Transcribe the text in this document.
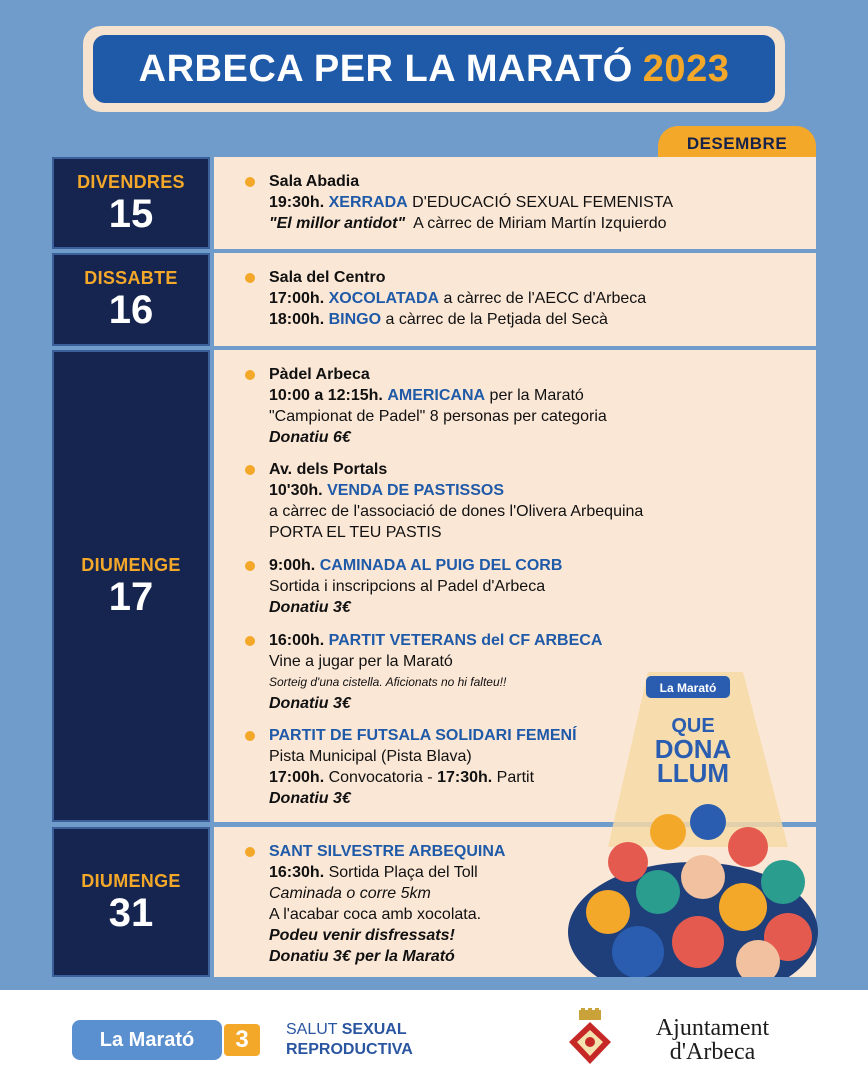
ARBECA PER LA MARATÓ 2023
DESEMBRE
DIVENDRES
15
Sala Abadia
19:30h. XERRADA D'EDUCACIÓ SEXUAL FEMENISTA
"El millor antidot"  A càrrec de Miriam Martín Izquierdo
DISSABTE
16
Sala del Centro
17:00h. XOCOLATADA a càrrec de l'AECC d'Arbeca
18:00h. BINGO a càrrec de la Petjada del Secà
DIUMENGE
17
Pàdel Arbeca
10:00 a 12:15h. AMERICANA per la Marató
"Campionat de Padel" 8 personas per categoria
Donatiu 6€
Av. dels Portals
10'30h. VENDA DE PASTISSOS
a càrrec de l'associació de dones l'Olivera Arbequina
PORTA EL TEU PASTIS
9:00h. CAMINADA AL PUIG DEL CORB
Sortida i inscripcions al Padel d'Arbeca
Donatiu 3€
16:00h. PARTIT VETERANS del CF ARBECA
Vine a jugar per la Marató
Sorteig d'una cistella. Aficionats no hi falteu!!
Donatiu 3€
PARTIT DE FUTSALA SOLIDARI FEMENÍ
Pista Municipal (Pista Blava)
17:00h. Convocatoria - 17:30h. Partit
Donatiu 3€
DIUMENGE
31
SANT SILVESTRE ARBEQUINA
16:30h. Sortida Plaça del Toll
Caminada o corre 5km
A l'acabar coca amb xocolata.
Podeu venir disfressats!
Donatiu 3€ per la Marató
La Marató
QUE
DONA
LLUM
La Marató	3	SALUT SEXUAL
REPRODUCTIVA
Ajuntament
d'Arbeca
